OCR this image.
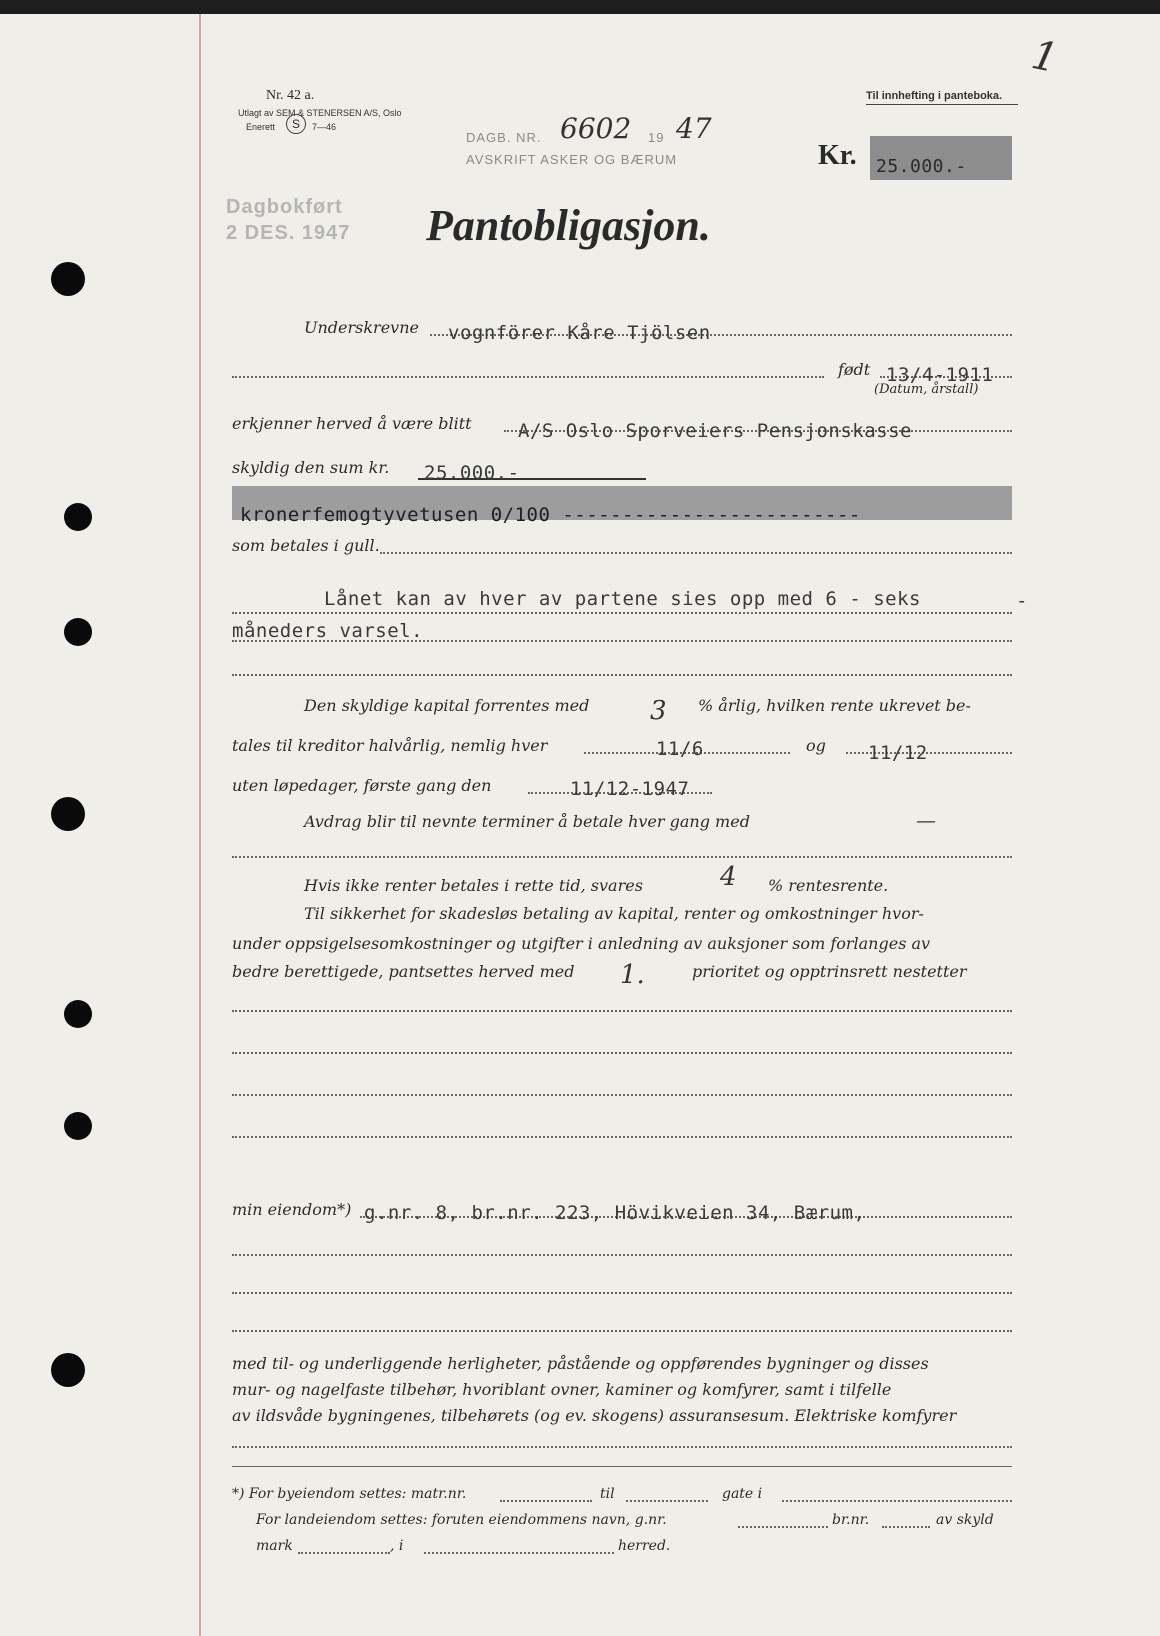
1
Nr. 42 a.
Utlagt av SEM & STENERSEN A/S, Oslo
Enerett	S	7—46
Til innhefting i panteboka.
DAGB. NR. 6602 19 47
AVSKRIFT ASKER OG BÆRUM	Kr. 25.000.-
Dagbokført
2 DES. 1947 Pantobligasjon.
Underskrevne vognförer Kåre Tjölsen
født 13/4-1911
(Datum, årstall)
erkjenner herved å være blitt A/S Oslo Sporveiers Pensjonskasse
skyldig den sum kr. 25.000.-
kronerfemogtyvetusen 0/100 -------------------------
som betales i gull.
Lånet kan av hver av partene sies opp med 6 - seks	-
måneders varsel.
Den skyldige kapital forrentes med 3 % årlig, hvilken rente ukrevet be-
tales til kreditor halvårlig, nemlig hver	11/6	og 11/12
uten løpedager, første gang den	11/12-1947
Avdrag blir til nevnte terminer å betale hver gang med	—
Hvis ikke renter betales i rette tid, svares	4 % rentesrente.
Til sikkerhet for skadesløs betaling av kapital, renter og omkostninger hvor-
under oppsigelsesomkostninger og utgifter i anledning av auksjoner som forlanges av
bedre berettigede, pantsettes herved med 1.	prioritet og opptrinsrett nestetter
min eiendom*) g.nr. 8, br.nr. 223, Hövikveien 34, Bærum,
med til- og underliggende herligheter, påstående og oppførendes bygninger og disses
mur- og nagelfaste tilbehør, hvoriblant ovner, kaminer og komfyrer, samt i tilfelle
av ildsvåde bygningenes, tilbehørets (og ev. skogens) assuransesum. Elektriske komfyrer
*) For byeiendom settes: matr.nr.	til	gate i
For landeiendom settes: foruten eiendommens navn, g.nr.	br.nr.	av skyld
mark	, i	herred.
